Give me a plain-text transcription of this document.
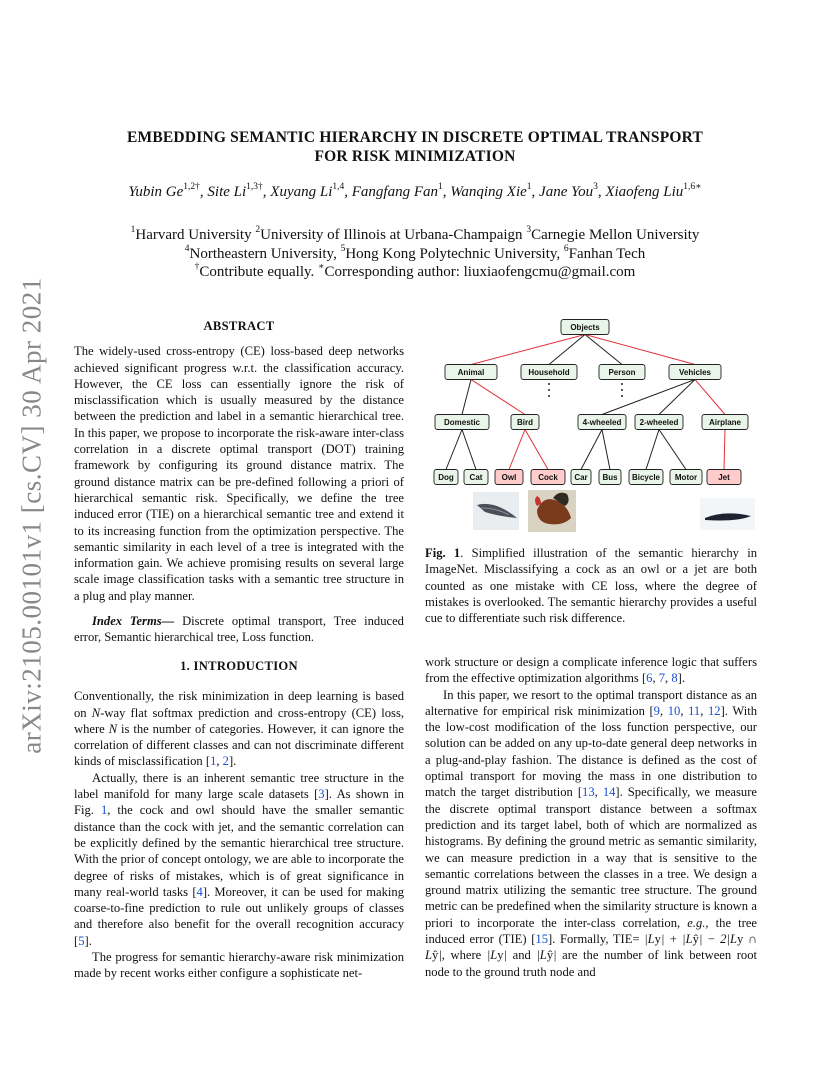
arXiv:2105.00101v1 [cs.CV] 30 Apr 2021
EMBEDDING SEMANTIC HIERARCHY IN DISCRETE OPTIMAL TRANSPORT
FOR RISK MINIMIZATION
Yubin $Ge^{1,2\dagger}$, Site $Li^{1,3\dagger}$, Xuyang Li$^{1,4}$, Fangfang Fan$^1$, Wanqing Xie$^1$, Jane You$^3$, Xiaofeng Liu$^{1,6∗}$
$^1$Harvard University $^2$University of Illinois at Urbana-Champaign $^3$Carnegie Mellon University
$^4$Northeastern University, $^5$Hong Kong Polytechnic University, $^6$Fanhan Tech
†Contribute equally. ∗Corresponding author: liuxiaofengcmu@gmail.com
ABSTRACT

The widely-used cross-entropy (CE) loss-based deep networks achieved significant progress w.r.t. the classification accuracy. However, the CE loss can essentially ignore the risk of misclassification which is usually measured by the distance between the prediction and label in a semantic hierarchical tree. In this paper, we propose to incorporate the risk-aware inter-class correlation in a discrete optimal transport (DOT) training framework by configuring its ground distance matrix. The ground distance matrix can be pre-defined following a priori of hierarchical semantic risk. Specifically, we define the tree induced error (TIE) on a hierarchical semantic tree and extend it to its increasing function from the optimization perspective. The semantic similarity in each level of a tree is integrated with the information gain. We achieve promising results on several large scale image classification tasks with a semantic tree structure in a plug and play manner.

Index Terms— Discrete optimal transport, Tree induced error, Semantic hierarchical tree, Loss function.

1. INTRODUCTION

Conventionally, the risk minimization in deep learning is based on N-way flat softmax prediction and cross-entropy (CE) loss, where N is the number of categories. However, it can ignore the correlation of different classes and can not discriminate different kinds of misclassification [1, 2].

Actually, there is an inherent semantic tree structure in the label manifold for many large scale datasets [3]. As shown in Fig. 1, the cock and owl should have the smaller semantic distance than the cock with jet, and the semantic correlation can be explicitly defined by the semantic hierarchical tree structure. With the prior of concept ontology, we are able to incorporate the degree of risks of mistakes, which is of great significance in many real-world tasks [4]. Moreover, it can be used for making coarse-to-fine prediction to rule out unlikely groups of classes and therefore also benefit for the overall recognition accuracy [5].

The progress for semantic hierarchy-aware risk minimization made by recent works either configure a sophisticate net-

Objects
Animal	Household	Person	Vehicles
Domestic	Bird	4-wheeled 2-wheeled	Airplane
Dog Cat Owl	Cock Car Bus Bicycle Motor	Jet
Fig. 1. Simplified illustration of the semantic hierarchy in ImageNet. Misclassifying a cock as an owl or a jet are both counted as one mistake with CE loss, where the degree of mistakes is overlooked. The semantic hierarchy provides a useful cue to differentiate such risk difference.

work structure or design a complicate inference logic that suffers from the effective optimization algorithms [6, 7, 8].

In this paper, we resort to the optimal transport distance as an alternative for empirical risk minimization [9, 10, 11, 12]. With the low-cost modification of the loss function perspective, our solution can be added on any up-to-date general deep networks in a plug-and-play fashion. The distance is defined as the cost of optimal transport for moving the mass in one distribution to match the target distribution [13, 14]. Specifically, we measure the discrete optimal transport distance between a softmax prediction and its target label, both of which are normalized as histograms. By defining the ground metric as semantic similarity, we can measure prediction in a way that is sensitive to the semantic correlations between the classes in a tree. We design a ground matrix utilizing the semantic tree structure. The ground metric can be predefined when the similarity structure is known a priori to incorporate the inter-class correlation, e.g., the tree induced error (TIE) [15]. Formally, TIE= |Ly| + |Lŷ| − 2|Ly ∩ Lŷ|, where |Ly| and |Lŷ| are the number of link between root node to the ground truth node and
